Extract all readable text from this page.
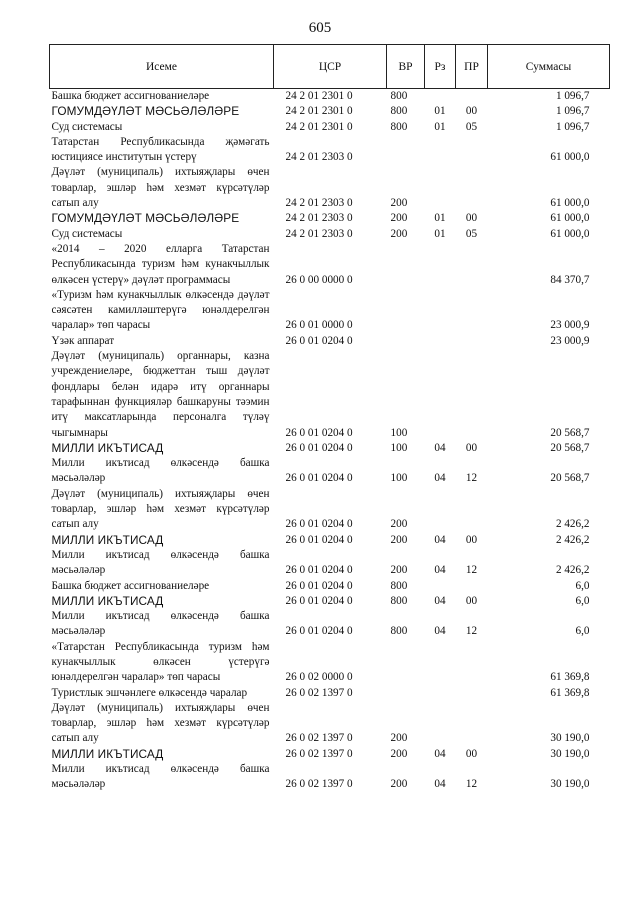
605
Исеме	ЦСР	ВР	Рз	ПР	Суммасы
Башка бюджет ассигнованиеләре	24 2 01 2301 0	800			1 096,7
ГОМУМДӘҮЛӘТ МӘСЬӘЛӘЛӘРЕ	24 2 01 2301 0	800	01	00	1 096,7
Суд системасы	24 2 01 2301 0	800	01	05	1 096,7
Татарстан Республикасында җәмәгать юстициясе институтын үстерү	24 2 01 2303 0				61 000,0
Дәүләт (муниципаль) ихтыяҗлары өчен товарлар, эшләр һәм хезмәт күрсәтүләр сатып алу	24 2 01 2303 0	200			61 000,0
ГОМУМДӘҮЛӘТ МӘСЬӘЛӘЛӘРЕ	24 2 01 2303 0	200	01	00	61 000,0
Суд системасы	24 2 01 2303 0	200	01	05	61 000,0
«2014 – 2020 елларга Татарстан Республикасында туризм һәм кунакчыллык өлкәсен үстерү» дәүләт программасы	26 0 00 0000 0				84 370,7
«Туризм һәм кунакчыллык өлкәсендә дәүләт сәясәтен камилләштерүгә юнәлдерелгән чаралар» төп чарасы	26 0 01 0000 0				23 000,9
Үзәк аппарат	26 0 01 0204 0				23 000,9
Дәүләт (муниципаль) органнары, казна учреждениеләре, бюджеттан тыш дәүләт фондлары белән идарә итү органнары тарафыннан функцияләр башкаруны тәэмин итү максатларында персоналга түләү чыгымнары	26 0 01 0204 0	100			20 568,7
МИЛЛИ ИКЪТИСАД	26 0 01 0204 0	100	04	00	20 568,7
Милли икътисад өлкәсендә башка мәсьәләләр	26 0 01 0204 0	100	04	12	20 568,7
Дәүләт (муниципаль) ихтыяҗлары өчен товарлар, эшләр һәм хезмәт күрсәтүләр сатып алу	26 0 01 0204 0	200			2 426,2
МИЛЛИ ИКЪТИСАД	26 0 01 0204 0	200	04	00	2 426,2
Милли икътисад өлкәсендә башка мәсьәләләр	26 0 01 0204 0	200	04	12	2 426,2
Башка бюджет ассигнованиеләре	26 0 01 0204 0	800			6,0
МИЛЛИ ИКЪТИСАД	26 0 01 0204 0	800	04	00	6,0
Милли икътисад өлкәсендә башка мәсьәләләр	26 0 01 0204 0	800	04	12	6,0
«Татарстан Республикасында туризм һәм кунакчыллык өлкәсен үстерүгә юнәлдерелгән чаралар» төп чарасы	26 0 02 0000 0				61 369,8
Туристлык эшчәнлеге өлкәсендә чаралар	26 0 02 1397 0				61 369,8
Дәүләт (муниципаль) ихтыяҗлары өчен товарлар, эшләр һәм хезмәт күрсәтүләр сатып алу	26 0 02 1397 0	200			30 190,0
МИЛЛИ ИКЪТИСАД	26 0 02 1397 0	200	04	00	30 190,0
Милли икътисад өлкәсендә башка мәсьәләләр	26 0 02 1397 0	200	04	12	30 190,0
